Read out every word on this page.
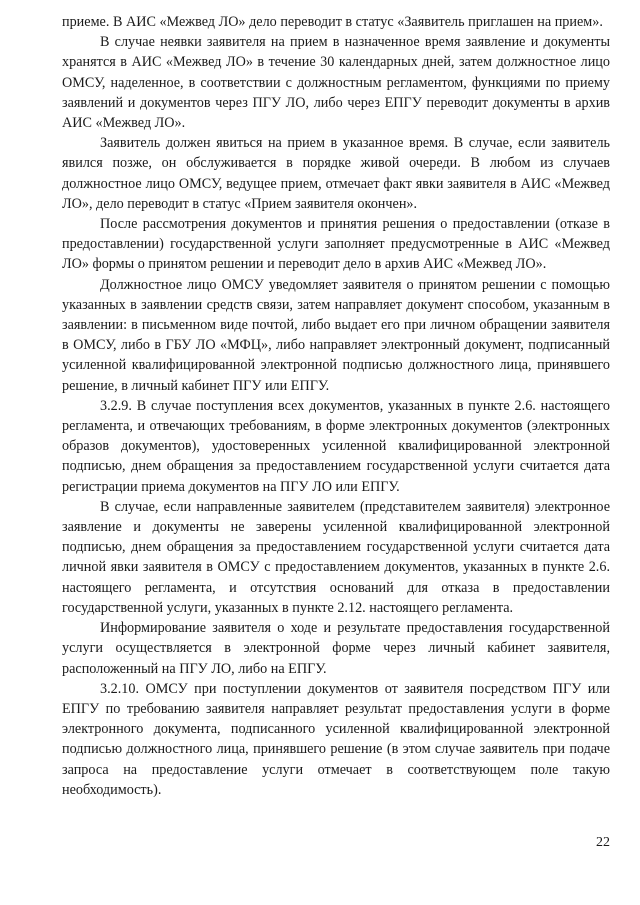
приеме. В АИС «Межвед ЛО» дело переводит в статус «Заявитель приглашен на прием».

В случае неявки заявителя на прием в назначенное время заявление и документы хранятся в АИС «Межвед ЛО» в течение 30 календарных дней, затем должностное лицо ОМСУ, наделенное, в соответствии с должностным регламентом, функциями по приему заявлений и документов через ПГУ ЛО, либо через ЕПГУ переводит документы в архив АИС «Межвед ЛО».

Заявитель должен явиться на прием в указанное время. В случае, если заявитель явился позже, он обслуживается в порядке живой очереди. В любом из случаев должностное лицо ОМСУ, ведущее прием, отмечает факт явки заявителя в АИС «Межвед ЛО», дело переводит в статус «Прием заявителя окончен».

После рассмотрения документов и принятия решения о предоставлении (отказе в предоставлении) государственной услуги заполняет предусмотренные в АИС «Межвед ЛО» формы о принятом решении и переводит дело в архив АИС «Межвед ЛО».

Должностное лицо ОМСУ уведомляет заявителя о принятом решении с помощью указанных в заявлении средств связи, затем направляет документ способом, указанным в заявлении: в письменном виде почтой, либо выдает его при личном обращении заявителя в ОМСУ, либо в ГБУ ЛО «МФЦ», либо направляет электронный документ, подписанный усиленной квалифицированной электронной подписью должностного лица, принявшего решение, в личный кабинет ПГУ или ЕПГУ.

3.2.9. В случае поступления всех документов, указанных в пункте 2.6. настоящего регламента, и отвечающих требованиям, в форме электронных документов (электронных образов документов), удостоверенных усиленной квалифицированной электронной подписью, днем обращения за предоставлением государственной услуги считается дата регистрации приема документов на ПГУ ЛО или ЕПГУ.

В случае, если направленные заявителем (представителем заявителя) электронное заявление и документы не заверены усиленной квалифицированной электронной подписью, днем обращения за предоставлением государственной услуги считается дата личной явки заявителя в ОМСУ с предоставлением документов, указанных в пункте 2.6. настоящего регламента, и отсутствия оснований для отказа в предоставлении государственной услуги, указанных в пункте 2.12. настоящего регламента.

Информирование заявителя о ходе и результате предоставления государственной услуги осуществляется в электронной форме через личный кабинет заявителя, расположенный на ПГУ ЛО, либо на ЕПГУ.

3.2.10. ОМСУ при поступлении документов от заявителя посредством ПГУ или ЕПГУ по требованию заявителя направляет результат предоставления услуги в форме электронного документа, подписанного усиленной квалифицированной электронной подписью должностного лица, принявшего решение (в этом случае заявитель при подаче запроса на предоставление услуги отмечает в соответствующем поле такую необходимость).

22
